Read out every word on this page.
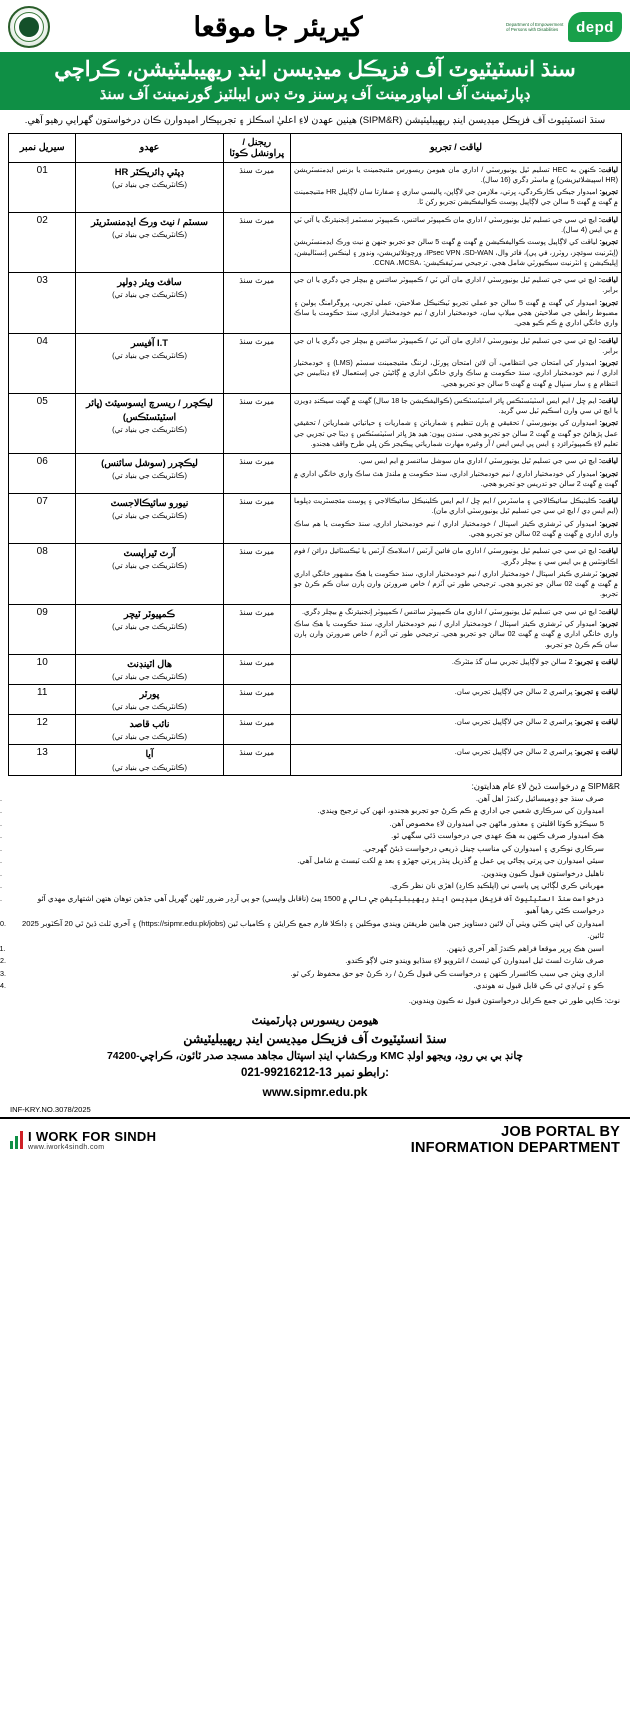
depd
Department of Empowerment of Persons with Disabilities
کيريئر جا موقعا
سنڌ انسٽيٽيوٽ آف فزيڪل ميڊيسن اينڊ ريهيبليٽيشن، ڪراچي
ڊپارٽمينٽ آف امپاورمينٽ آف پرسنز وٿ ڊس ايبلٽيز گورنمينٽ آف سنڌ
سنڌ انسٽيٽيوٽ آف فزيڪل ميڊيسن اينڊ ريهيبليٽيشن (SIPM&R) هيٺين عهدن لاءِ اعليٰ اسڪلز ۽ تجربيڪار اميدوارن ڪان درخواستون گهرايي رهيو آهي.
لياقت / تجربو	ريجنل / پراونشل ڪوٽا	عهدو	سيريل نمبر

لياقت: ڪنهن به HEC تسليم ٿيل يونيورسٽي / اداري مان هيومن ريسورس مئنيجمينٽ يا بزنس ايڊمنسٽريشن (HR اسپيشلائيزيشن) ۾ ماسٽر ڊگري (16 سال).

تجربو: اميدوار جيڪي ڪارڪردگي، ڀرتي، ملازمن جي لاڳاپن، پاليسي سازي ۽ صفارتا سان لاڳاپيل HR مئنيجمينٽ ۾ گهٽ ۾ گهٽ 5 سالن جي لاڳاپيل پوسٽ ڪواليفڪيشن تجربو رکن ٿا.

	ميرٽ سنڌ	ڊپٽي ڊائريڪٽر HR
(ڪانٽريڪٽ جي بنياد تي)
	01

لياقت: ايڇ ئي سي جي تسليم ٿيل يونيورسٽي / اداري مان ڪمپيوٽر سائنس، ڪمپيوٽر سسٽمز اِنجنيئرنگ يا آئي ٽي ۾ بي ايس (4 سال).

تجربو: لياقت کي لاڳاپيل پوسٽ ڪواليفڪيشن ۾ گهٽ ۾ گهٽ 5 سالن جو تجربو جنهن ۾ نيٽ ورڪ ايڊمنسٽريشن (اِيٿرنيٽ سوئچز، روٽرز، في پي)، فائر وال، IPsec VPN ،SD-WAN، ورچوئلائيزيشن، ونڊوز ۽ لينڪس اِنسٽاليشن، اِپليڪيشن ۽ انٽرنيٽ سيڪيورٽي شامل هجي. ترجيحي سرٽيفڪيشن: ،CCNA ،MCSA.

	ميرٽ سنڌ	سسٽم / نيٽ ورڪ ايڊمنسٽريٽر
(ڪانٽريڪٽ جي بنياد تي)
	02

لياقت: ايڇ ئي سي جي تسليم ٿيل يونيورسٽي / اداري مان آئي ٽي / ڪمپيوٽر سائنس ۾ بيچلر جي ڊگري يا ان جي برابر.

تجربو: اميدوار کي گهٽ ۾ گهٽ 5 سالن جو عملي تجربو ٽيڪنيڪل صلاحيتن، عملي تجربي، پروگرامنگ ٻولين ۽ مضبوط رابطي جي صلاحيتن هجي ميلاپ سان، خودمختيار اداري / نيم خودمختيار اداري، سنڌ حڪومت يا ساڪ واري خانگي اداري ۾ ڪم ڪيو هجي.

	ميرٽ سنڌ	سافٽ ويئر ڊولپر
(ڪانٽريڪٽ جي بنياد تي)
	03

لياقت: ايڇ ئي سي جي تسليم ٿيل يونيورسٽي / اداري مان آئي ٽي / ڪمپيوٽر سائنس ۾ بيچلر جي ڊگري يا ان جي برابر.

تجربو: اميدوار کي امتحان جي انتظامي، آن لائن امتحان پورٽل، لرننگ مئنيجمينٽ سسٽم (LMS) ۽ خودمختيار اداري / نيم خودمختيار اداري، سنڌ حڪومت ۾ ساڪ واري خانگي اداري ۾ ڳاڻيٽن جي اِستعمال لاءِ ڊيٽابيس جي انتظام ۾ ۽ سار سنڀال ۾ گهٽ ۾ گهٽ 5 سالن جو تجربو هجي.

	ميرٽ سنڌ	I.T آفيسر
(ڪانٽريڪٽ جي بنياد تي)
	04

لياقت: ايم ڇل / ايم ايس اسٽيٽسٽڪس ڀائر اسٽيٽسٽڪس (ڪواليفڪيشن جا 18 سال) گهٽ ۾ گهٽ سيڪنڊ ڊويزن يا ايڇ ئي سي وارن اسڪيم ٽيل سي گريڊ.

تجربو: اميدوارن کي يونيورسٽي / تحقيقي ۾ ٻارن تنظيم ۽ شمارياتن ۽ شماريات ۽ حياتياتي شمارياتن / تحقيقي عمل پڙهائڻ جو گهٽ ۾ گهٽ 2 سالن جو تجربو هجي. سندن ٻيون: هيڊ هڙ ڀائر اسٽيٽسٽڪس ۽ ڊيٽا جي تجزيي جي تعليم لاءِ ڪمپيوٽرائزڊ ۽ ايس پي ايس ايس / آر وغيره مهارت شمارياتي پيڪيجز ڪن ڀلي طرح واقف هجندو.

	ميرٽ سنڌ	ليڪچرر / ريسرچ ايسوسيئٽ (ڀائر اسٽيٽسٽڪس)
(ڪانٽريڪٽ جي بنياد تي)
	05

لياقت: ايڇ ئي سي جي تسليم ٿيل يونيورسٽي / اداري مان سوشل سائنسز ۾ ايم ايس سي.

تجربو: اميدوار کي خودمختيار اداري / نيم خودمختيار اداري، سنڌ حڪومت ۾ ملندڙ هٿ ساڪ واري خانگي اداري ۾ گهٽ ۾ گهٽ 2 سالن جو تدريس جو تجربو هجي.

	ميرٽ سنڌ	ليڪچرر (سوشل سائنس)
(ڪانٽريڪٽ جي بنياد تي)
	06

لياقت: ڪلينيڪل سائيڪالاجي ۽ ماسٽرس / ايم ڇل / ايم ايس ڪلينيڪل سائيڪالاجي ۽ پوسٽ مئجسٽريٽ ڊپلوما (ايم ايس ڊي / ايڇ ئي سي جي تسليم ٿيل يونيورسٽي اداري مان).

تجربو: اميدوار کي ٽرشئري ڪيئر اسپتال / خودمختيار اداري / نيم خودمختيار اداري، سنڌ حڪومت يا هم ساڪ واري اداري ۾ گهٽ ۾ گهٽ 02 سالن جو تجربو هجي.

	ميرٽ سنڌ	نيورو سائيڪالاجسٽ
(ڪانٽريڪٽ جي بنياد تي)
	07

لياقت: ايڇ ئي سي جي تسليم ٿيل يونيورسٽي / اداري مان فائين آرٽس / اسلامڪ آرٽس يا ٽيڪسٽائيل ڊزائن / فوم اڪائونٽس ۾ بي ايس سي ۽ بيچلر ڊگري.

تجربو: ٽرشئري ڪيئر اسپتال / خودمختيار اداري / نيم خودمختيار اداري، سنڌ حڪومت يا هڪ مشهور خانگي اداري ۾ گهٽ ۾ گهٽ 02 سالن جو تجربو هجي. ترجيحي طور تي آٽزم / خاص ضرورتن وارن ٻارن سان ڪم ڪرڻ جو تجربو.

	ميرٽ سنڌ	آرٽ ٿيراپسٽ
(ڪانٽريڪٽ جي بنياد تي)
	08

لياقت: ايڇ ئي سي جي تسليم ٿيل يونيورسٽي / اداري مان ڪمپيوٽر سائنس / ڪمپيوٽر اِنجنيئرنگ ۾ بيچلر ڊگري.

تجربو: اميدوار کي ٽرشئري ڪيئر اسپتال / خودمختيار اداري / نيم خودمختيار اداري، سنڌ حڪومت يا هڪ ساڪ واري خانگي اداري ۾ گهٽ ۾ گهٽ 02 سالن جو تجربو هجي. ترجيحي طور تي آٽزم / خاص ضرورتن وارن ٻارن سان ڪم ڪرڻ جو تجربو.

	ميرٽ سنڌ	ڪمپيوٽر ٽيچر
(ڪانٽريڪٽ جي بنياد تي)
	09

لياقت ۽ تجربو: 2 سالن جو لاڳاپيل تجربي سان گڏ مئٽرڪ.	ميرٽ سنڌ	هال اٽينڊنٽ
(ڪانٽريڪٽ جي بنياد تي)	10

لياقت ۽ تجربو: پرائمري 2 سالن جي لاڳاپيل تجربي سان.	ميرٽ سنڌ	پورٽر
(ڪانٽريڪٽ جي بنياد تي)	11

لياقت ۽ تجربو: پرائمري 2 سالن جي لاڳاپيل تجربي سان.	ميرٽ سنڌ	نائب قاصد
(ڪانٽريڪٽ جي بنياد تي)	12

لياقت ۽ تجربو: پرائمري 2 سالن جي لاڳاپيل تجربي سان.	ميرٽ سنڌ	آيا
(ڪانٽريڪٽ جي بنياد تي)	13
SIPM&R ۾ درخواست ڏيڻ لاءِ عام هدايتون:
صرف سنڌ جو ڊوميسائيل رکندڙ اهل آهن.
اميدوارن کي سرڪاري شعبي جي اداري ۾ ڪم ڪرڻ جو تجربو هجندو، انهن کي ترجيح ويندي.
5 سيڪڙو ڪوٽا اقليتن ۽ معذور ماڻهن جي اميدوارن لاءِ مخصوص آهن.
هڪ اميدوار صرف ڪنهن به هڪ عهدي جي درخواست ڏئي سگهي ٿو.
سرڪاري نوڪري ۽ اميدوارن کي مناسب چينل ذريعي درخواست ڏيئڻ گهرجي.
سيئي اميدوارن جي ڀرتي پڄاڻي ڀي عمل ۾ گذريل پنڌر ڀرتي جهڙو ۽ بعد ۾ لکت ٽيسٽ ۾ شامل آهي.
ناھليل درخواستون قبول ڪيون ويندوين.
مهرباني ڪري لڳائي ڀي پاسي ني (اپلڪيڊ ڪارڊ) اهڙي نان نظر ڪري.
درخواست سنڌ انسٽيٽيوٽ آف فزيڪل ميڊيسن اينڊ ريهيبليٽيشن جي نالي ۾ 1500 پيئ (ناقابل واپسي) جو پي آرڊر ضرور ٿلهن گهرپل آهي جڏهن توهان هتهن اشتهاري مهدي آئو درخواست ڪڻي رهيا آهيو.
اميدوارن کي اپني ڪٽي ويٺي آن لائين دستاويز جين هايين طريقتن ويندي موڪلين ۽ ڊاڪلا فارم جمع ڪرايئن ۽ ڪامياب ٿين (https://sipmr.edu.pk/jobs) ۽ آخري ٽلٽ ڏيڻ ٿي 20 آڪٽوبر 2025 ٿائين.
اسين هڪ ڀرپر موقعا فراهم ڪندڙ آهر آخري ڏينهن.
صرف شارٽ لسٽ ٿيل اميدوارن کي ٽيسٽ / انٽرويو لاءِ سڏايو ويندو جني لاڳو ڪندو.
اداري ويٺن جي سبب ڪائسرار ڪنهن ۽ درخواست ڪي قبول ڪرڻ / رد ڪرڻ جو حق محفوظ رکي ٿو.
ڪو ۽ ٽي/ڊي ئي ڪي قابل قبول نه هوندي.
نوٽ: ڪاپي طور تي جمع ڪرايل درخواستون قبول نه ڪيون ويندوين.
هيومن ريسورس ڊپارٽمينٽ
سنڌ انسٽيٽيوٽ آف فزيڪل ميڊيسن اينڊ ريهيبليٽيشن
چانڊ بي بي روڊ، ويجهو اولڊ KMC ورڪشاپ اينڊ اسپتال مجاهد مسجد صدر ٽائون، ڪراچي-74200
021-99216212-13 رابطو نمبر:
www.sipmr.edu.pk
INF-KRY.NO.3078/2025
I WORK FOR SINDH
www.iwork4sindh.com
JOB PORTAL BY
INFORMATION DEPARTMENT
